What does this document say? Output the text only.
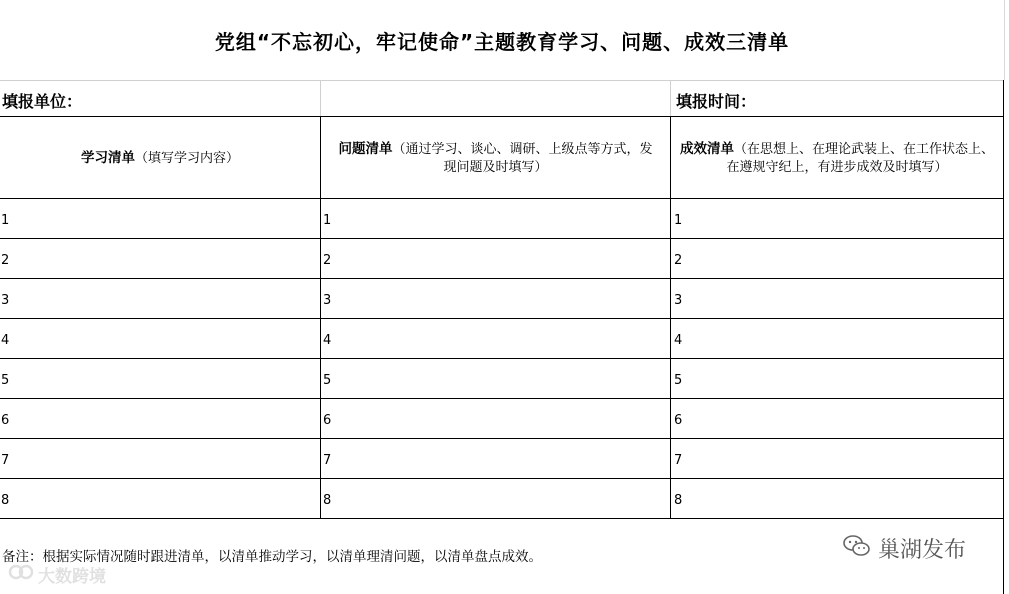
党组“不忘初心，牢记使命”主题教育学习、问题、成效三清单
填报单位：	填报时间：
学习清单（填写学习内容）
问题清单（通过学习、谈心、调研、上级点等方式，发现问题及时填写）
成效清单（在思想上、在理论武装上、在工作状态上、在遵规守纪上，有进步成效及时填写）
1
2
3
4
5
6
7
8
1
2
3
4
5
6
7
8
1
2
3
4
5
6
7
8
备注：根据实际情况随时跟进清单，以清单推动学习，以清单理清问题，以清单盘点成效。	巢湖发布
大数跨境
